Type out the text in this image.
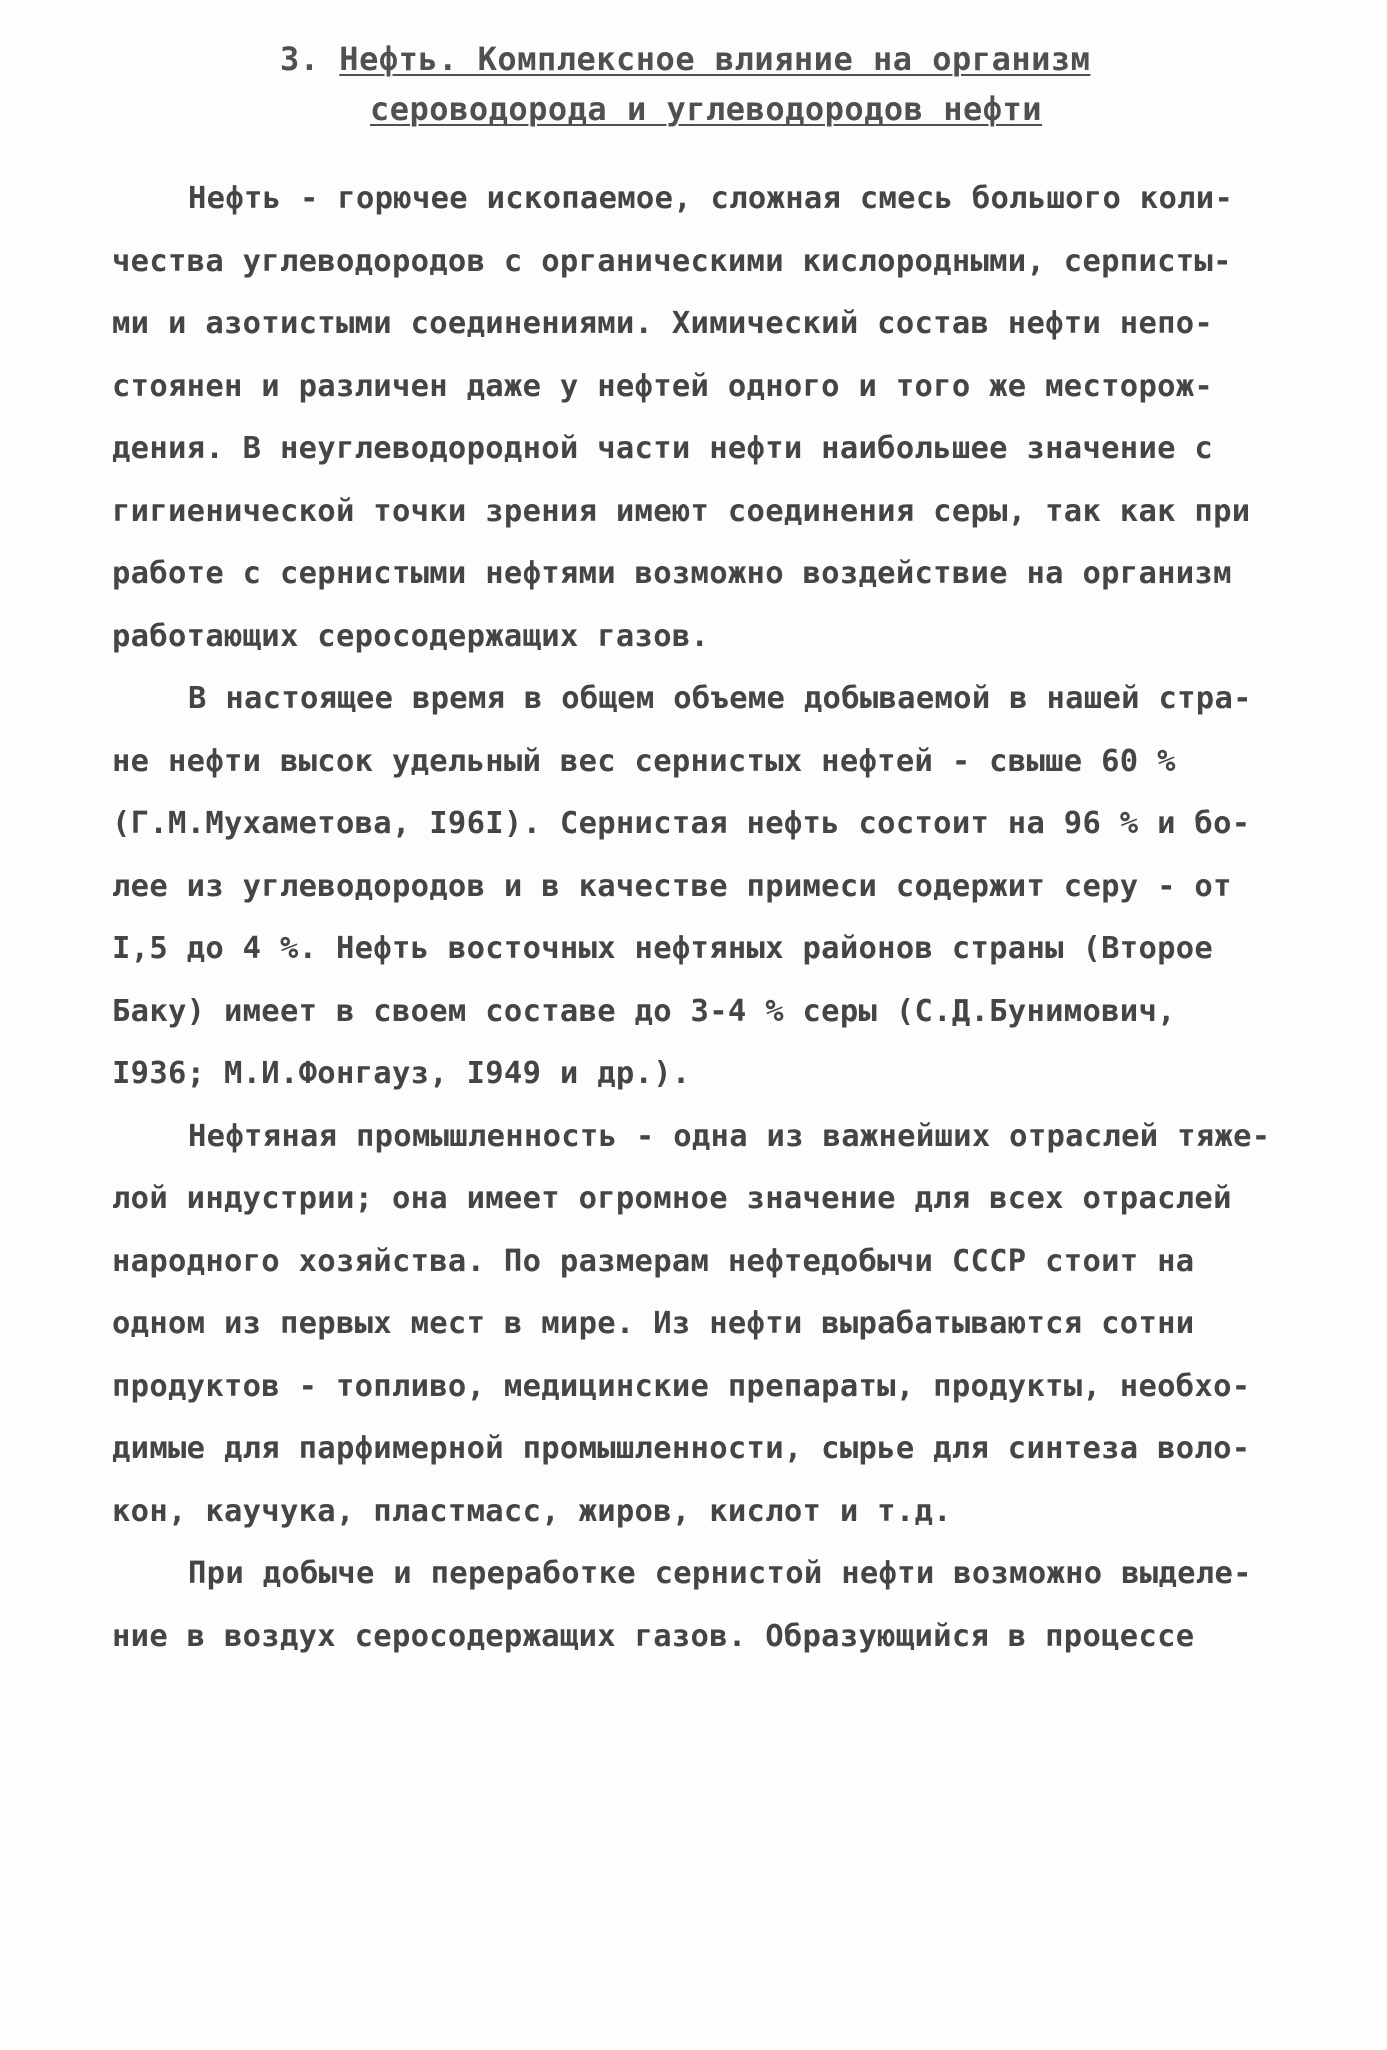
3. Нефть. Комплексное влияние на организм
сероводорода и углеводородов нефти

Нефть - горючее ископаемое, сложная смесь большого коли-
чества углеводородов с органическими кислородными, серписты-
ми и азотистыми соединениями. Химический состав нефти непо-
стоянен и различен даже у нефтей одного и того же месторож-
дения. В неуглеводородной части нефти наибольшее значение с
гигиенической точки зрения имеют соединения серы, так как при
работе с сернистыми нефтями возможно воздействие на организм
работающих серосодержащих газов.

В настоящее время в общем объеме добываемой в нашей стра-
не нефти высок удельный вес сернистых нефтей - свыше 60 %
(Г.М.Мухаметова, I96I). Сернистая нефть состоит на 96 % и бо-
лее из углеводородов и в качестве примеси содержит серу - от
I,5 до 4 %. Нефть восточных нефтяных районов страны (Второе
Баку) имеет в своем составе до 3-4 % серы (С.Д.Бунимович,
I936; М.И.Фонгауз, I949 и др.).

Нефтяная промышленность - одна из важнейших отраслей тяже-
лой индустрии; она имеет огромное значение для всех отраслей
народного хозяйства. По размерам нефтедобычи СССР стоит на
одном из первых мест в мире. Из нефти вырабатываются сотни
продуктов - топливо, медицинские препараты, продукты, необхо-
димые для парфимерной промышленности, сырье для синтеза воло-
кон, каучука, пластмасс, жиров, кислот и т.д.

При добыче и переработке сернистой нефти возможно выделе-
ние в воздух серосодержащих газов. Образующийся в процессе
